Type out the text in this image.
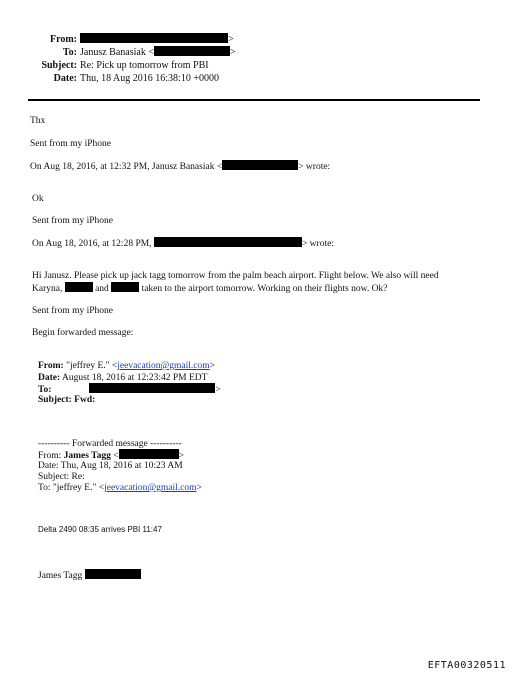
From:	>
To: Janusz Banasiak <	>
Subject: Re: Pick up tomorrow from PBI
Date: Thu, 18 Aug 2016 16:38:10 +0000
Thx
Sent from my iPhone
On Aug 18, 2016, at 12:32 PM, Janusz Banasiak <	> wrote:
Ok
Sent from my iPhone
On Aug 18, 2016, at 12:28 PM,	> wrote:
Hi Janusz. Please pick up jack tagg tomorrow from the palm beach airport. Flight below. We also will need
Karyna,	and	taken to the airport tomorrow. Working on their flights now. Ok?
Sent from my iPhone
Begin forwarded message:
From: "jeffrey E." <jeevacation@gmail.com>
Date: August 18, 2016 at 12:23:42 PM EDT
To:	>
Subject: Fwd:
---------- Forwarded message ----------
From: James Tagg <	>
Date: Thu, Aug 18, 2016 at 10:23 AM
Subject: Re:
To: "jeffrey E." <jeevacation@gmail.com>
Delta 2490 08:35 arrives PBI 11:47
James Tagg
EFTA00320511
